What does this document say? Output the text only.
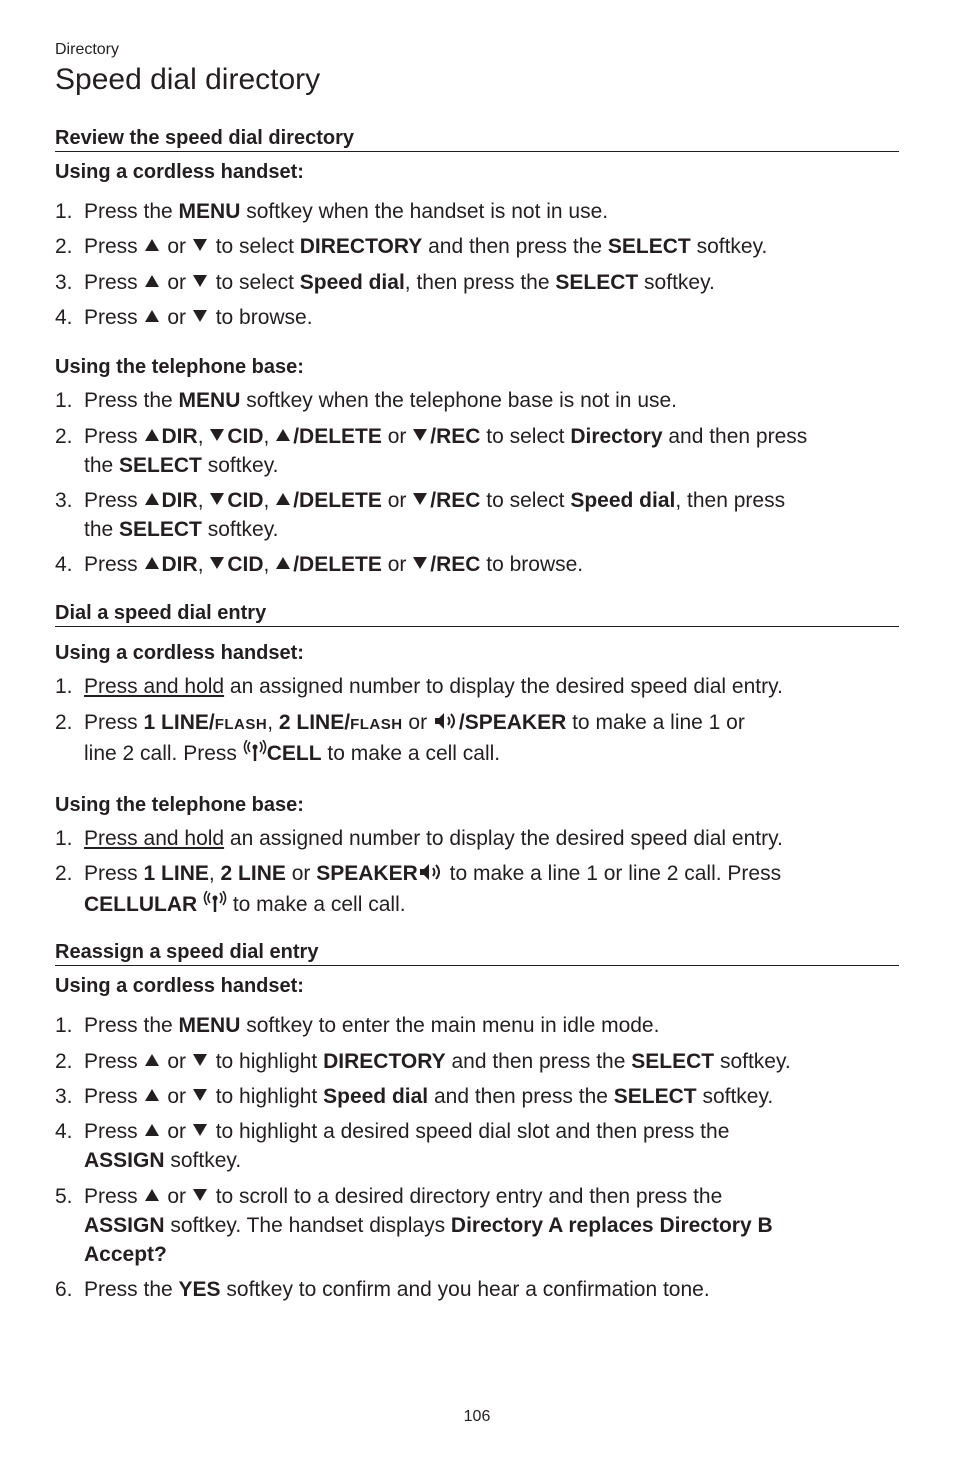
Directory

Speed dial directory
Review the speed dial directory
Using a cordless handset:
1. Press the MENU softkey when the handset is not in use.
2. Press  or  to select DIRECTORY and then press the SELECT softkey.
3. Press  or  to select Speed dial, then press the SELECT softkey.
4. Press  or  to browse.
Using the telephone base:
1. Press the MENU softkey when the telephone base is not in use.
2. Press DIR, CID, /DELETE or /REC to select Directory and then press
the SELECT softkey.
3. Press DIR, CID, /DELETE or /REC to select Speed dial, then press
the SELECT softkey.
4. Press DIR, CID, /DELETE or /REC to browse.
Dial a speed dial entry
Using a cordless handset:
1. Press and hold an assigned number to display the desired speed dial entry.
2. Press 1 LINE/FLASH, 2 LINE/FLASH or /SPEAKER to make a line 1 or
line 2 call. Press CELL to make a cell call.
Using the telephone base:
1. Press and hold an assigned number to display the desired speed dial entry.
2. Press 1 LINE, 2 LINE or SPEAKER to make a line 1 or line 2 call. Press
CELLULAR  to make a cell call.
Reassign a speed dial entry
Using a cordless handset:
1. Press the MENU softkey to enter the main menu in idle mode.
2. Press  or  to highlight DIRECTORY and then press the SELECT softkey.
3. Press  or  to highlight Speed dial and then press the SELECT softkey.
4. Press  or  to highlight a desired speed dial slot and then press the
ASSIGN softkey.
5. Press  or  to scroll to a desired directory entry and then press the
ASSIGN softkey. The handset displays Directory A replaces Directory B
Accept?
6. Press the YES softkey to confirm and you hear a confirmation tone.
106
